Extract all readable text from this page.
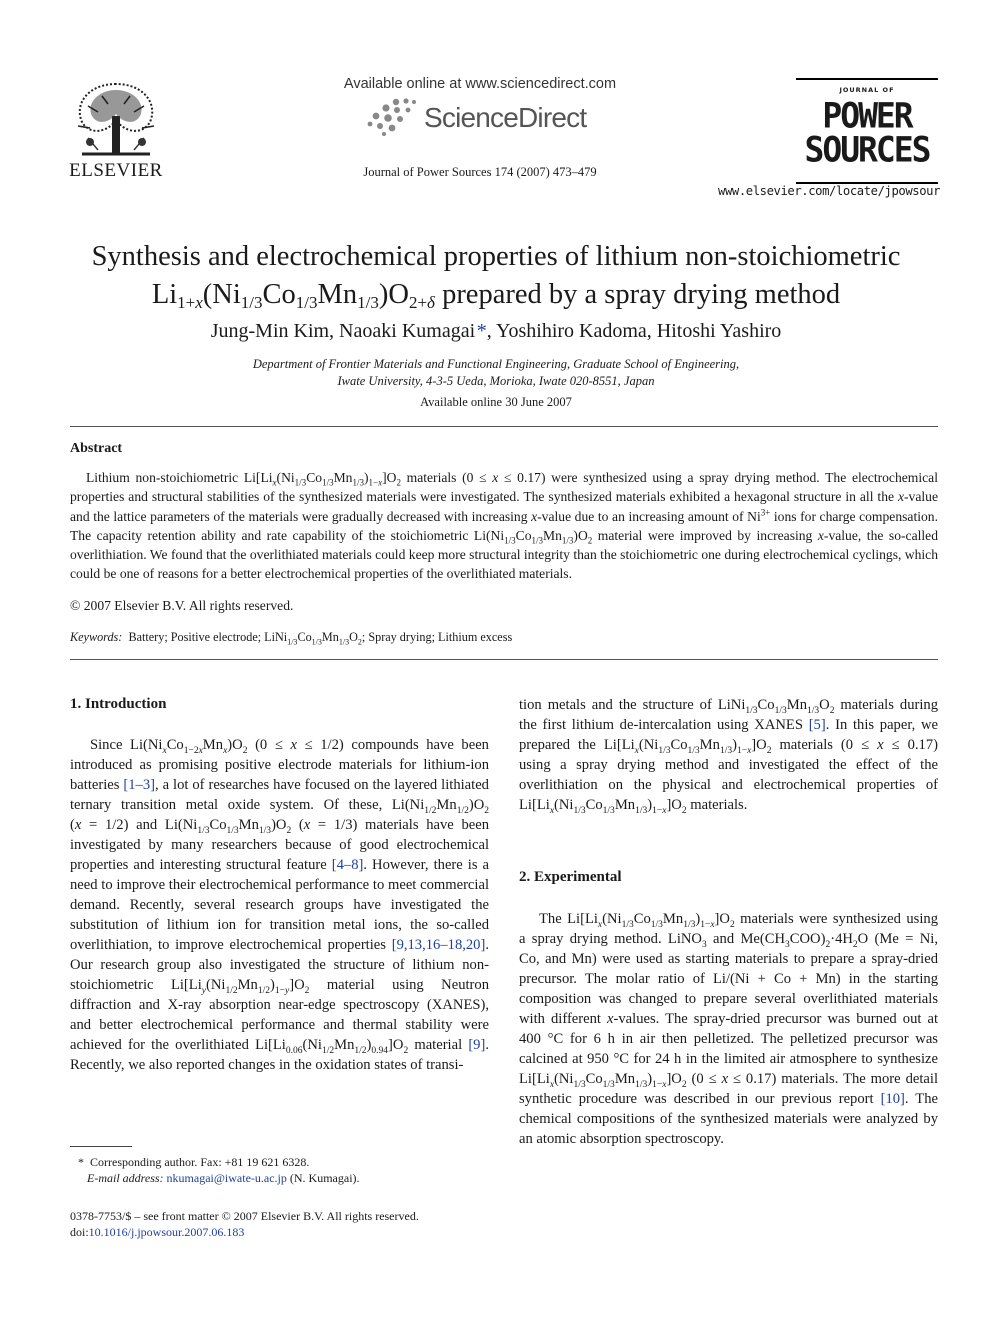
ELSEVIER
Available online at www.sciencedirect.com
ScienceDirect
Journal of Power Sources 174 (2007) 473–479
JOURNAL OF
POWER
SOURCES
www.elsevier.com/locate/jpowsour
Synthesis and electrochemical properties of lithium non-stoichiometric
$Li_{1+x}(Ni_{1/3}Co_{1/3}Mn_{1/3})O_{2+\delta}$ prepared by a spray drying method
Jung-Min Kim, Naoaki Kumagai *, Yoshihiro Kadoma, Hitoshi Yashiro
Department of Frontier Materials and Functional Engineering, Graduate School of Engineering,
Iwate University, 4-3-5 Ueda, Morioka, Iwate 020-8551, Japan
Available online 30 June 2007
Abstract

Lithium non-stoichiometric $Li[Li_x(Ni_{1/3}Co_{1/3}Mn_{1/3})_{1-x}]O_2$ materials (0 ≤ x ≤ 0.17) were synthesized using a spray drying method. The electrochemical properties and structural stabilities of the synthesized materials were investigated. The synthesized materials exhibited a hexagonal structure in all the x-value and the lattice parameters of the materials were gradually decreased with increasing x-value due to an increasing amount of $Ni^{3+}$ ions for charge compensation. The capacity retention ability and rate capability of the stoichiometric $Li(Ni_{1/3}Co_{1/3}Mn_{1/3})O_2$ material were improved by increasing x-value, the so-called overlithiation. We found that the overlithiated materials could keep more structural integrity than the stoichiometric one during electrochemical cyclings, which could be one of reasons for a better electrochemical properties of the overlithiated materials.

© 2007 Elsevier B.V. All rights reserved.
Keywords: Battery; Positive electrode; $LiNi_{1/3}Co_{1/3}Mn_{1/3}O_2$; Spray drying; Lithium excess
1. Introduction

Since $Li(Ni_xCo_{1-2x}Mn_x)O_2$ (0 ≤ x ≤ 1/2) compounds have been introduced as promising positive electrode materials for lithium-ion batteries [1–3], a lot of researches have focused on the layered lithiated ternary transition metal oxide system. Of these, $Li(Ni_{1/2}Mn_{1/2})O_2$ (x = 1/2) and $Li(Ni_{1/3}Co_{1/3}Mn_{1/3})O_2$ (x = 1/3) materials have been investigated by many researchers because of good electrochemical properties and interesting structural feature [4–8]. However, there is a need to improve their electrochemical performance to meet commercial demand. Recently, several research groups have investigated the substitution of lithium ion for transition metal ions, the so-called overlithiation, to improve electrochemical properties [9,13,16–18,20]. Our research group also investigated the structure of lithium non-stoichiometric $Li[Li_y(Ni_{1/2}Mn_{1/2})_{1-y}]O_2$ material using Neutron diffraction and X-ray absorption near-edge spectroscopy (XANES), and better electrochemical performance and thermal stability were achieved for the overlithiated $Li[Li_{0.06}(Ni_{1/2}Mn_{1/2})_{0.94}]O_2$ material [9]. Recently, we also reported changes in the oxidation states of transi-

* Corresponding author. Fax: +81 19 621 6328.
E-mail address: nkumagai@iwate-u.ac.jp (N. Kumagai).
0378-7753/$ – see front matter © 2007 Elsevier B.V. All rights reserved.
doi:10.1016/j.jpowsour.2007.06.183

tion metals and the structure of $LiNi_{1/3}Co_{1/3}Mn_{1/3}O_2$ materials during the first lithium de-intercalation using XANES [5]. In this paper, we prepared the $Li[Li_x(Ni_{1/3}Co_{1/3}Mn_{1/3})_{1-x}]O_2$ materials (0 ≤ x ≤ 0.17) using a spray drying method and investigated the effect of the overlithiation on the physical and electrochemical properties of $Li[Li_x(Ni_{1/3}Co_{1/3}Mn_{1/3})_{1-x}]O_2$ materials.

2. Experimental

The $Li[Li_x(Ni_{1/3}Co_{1/3}Mn_{1/3})_{1-x}]O_2$ materials were synthesized using a spray drying method. LiNO$_3$ and $Me(CH_3COO)_2\cdot 4H_2O$ (Me = Ni, Co, and Mn) were used as starting materials to prepare a spray-dried precursor. The molar ratio of Li/(Ni + Co + Mn) in the starting composition was changed to prepare several overlithiated materials with different x-values. The spray-dried precursor was burned out at 400 °C for 6 h in air then pelletized. The pelletized precursor was calcined at 950 °C for 24 h in the limited air atmosphere to synthesize $Li[Li_x(Ni_{1/3}Co_{1/3}Mn_{1/3})_{1-x}]O_2$ (0 ≤ x ≤ 0.17) materials. The more detail synthetic procedure was described in our previous report [10]. The chemical compositions of the synthesized materials were analyzed by an atomic absorption spectroscopy.
